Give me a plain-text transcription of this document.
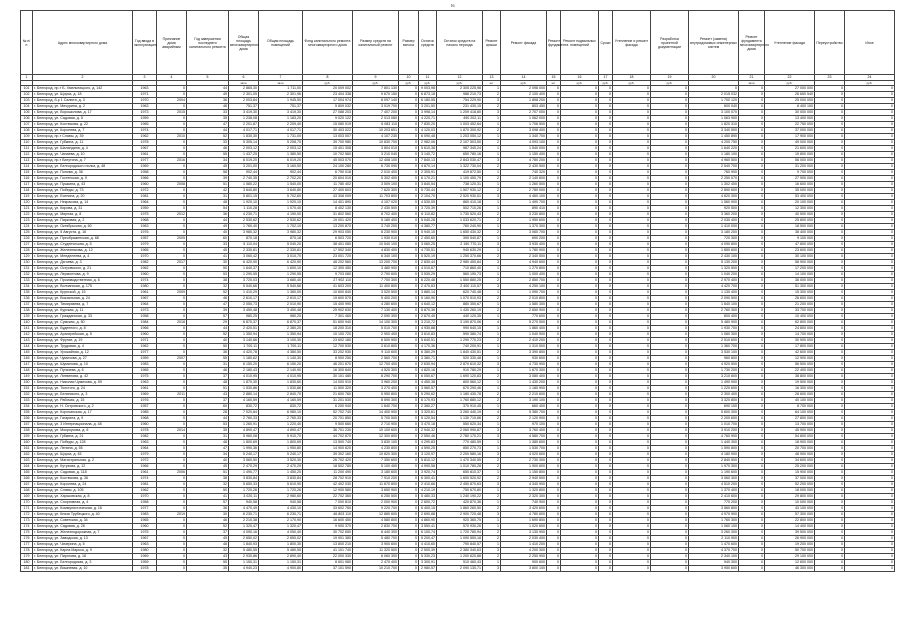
16
№ п/п	Адрес многоквартирного дома	Год ввода в эксплуатацию	Признание дома аварийным	Год завершения последнего капитального ремонта	Общая площадь многоквартирного дома	Общая площадь помещений	Фонд капитального ремонта многоквартирного дома	Размер средств на капитальный ремонт	Размер взноса	Остаток средств	Остаток средств на начало периода	Ремонт крыши	Ремонт фасада	Ремонт фундамента	Ремонт подвальных помещений	Сроки	Утепление и ремонт фасада	Разработка проектной документации	Ремонт (замена) внутридомовых инженерных систем	Ремонт фундамента многоквартирного дома	Утепление фасада	Переустройство	Иное
1	2	3	4	5	6	7	8	9	10	11	12	13	14	15	16	17	18	19	20	21	22	23	24
					кв.м	кв.м	руб.	руб.	руб.	руб.	руб.	шт	руб.	шт	руб.	руб.	руб.	руб.		кв.м	руб.		руб.
101	г. Белгород, пр-т Б. Хмельницкого, д. 142	1963	0	44	2 865,30	1 711,00	20 009 002	7 801 130	0	9 003,98	2 305 225,98	1	2 098 000	0	0	0	0	0	0	0	27 000 000	0	0
102	г. Белгород, ул. Щорса, д. 18	1971	0	49	2 301,05	2 301,96	23 404 338	9 670 150	0	6 873,18	988 210,73	2	2 100 400	0	0	0	0	0	2 015 032	0	26 650 540	0	0
103	г. Белгород, б-р 1 Салюта, д. 3	1970	2004	36	2 003,84	1 945,50	17 004 974	8 097 140	0	6 180,55	754 229,90	3	1 898 200	0	0	0	0	0	1 700 120	0	25 000 000	0	0
104	г. Белгород, ул. Мичурина, д. 2	1963	0	46	751,37	751,37	5 809 032	3 019 700	0	3 201,50	231 430,15	2	803 450	0	0	0	0	0	600 040	0	8 400 100	0	0
105	г. Белгород, ул. Ворошилова, д. 17	1973	2015	33	3 419,30	3 419,30	27 088 203	7 407 200	0	3 998,14	1 209 418,80	3	2 707 000	0	0	0	0	0	3 100 070	0	30 000 000	0	0
106	г. Белгород, ул. Садовая, д. 5	1959	0	35	1 238,08	1 183,20	9 020 122	2 013 080	0	4 220,71	490 202,11	1	1 062 000	0	0	0	0	0	1 063 900	0	13 400 000	0	0
107	г. Белгород, ул. Костюкова, д. 22	1965	0	47	2 201,87	2 209,40	15 080 019	6 083 110	0	7 830,20	1 003 452,64	1	1 706 500	0	0	0	0	0	1 820 310	0	22 750 000	0	0
108	г. Белгород, ул. Королева, д. 7	1974	0	44	4 017,71	4 017,71	30 403 022	10 203 601	0	4 120,03	1 870 300,92	2	3 098 400	0	0	0	0	0	3 340 500	0	37 000 000	0	0
109	г. Белгород, пр-т Славы, д. 39	1962	2010	52	1 830,30	1 731,00	13 003 007	4 107 230	0	6 090,48	1 203 050,12	1	1 340 700	0	0	0	0	0	1 450 890	0	17 900 000	0	0
110	г. Белгород, ул. Губкина, д. 11	1978	0	33	5 305,14	5 208,70	39 700 980	10 830 700	0	2 982,06	2 107 503,50	2	4 093 100	0	0	0	0	0	4 200 750	0	49 000 000	0	0
111	г. Белгород, ул. Шаландина, д. 4	1967	0	46	2 003,12	2 003,12	15 401 308	3 804 010	0	5 610,38	987 340,24	1	1 540 000	0	0	0	0	0	1 640 220	0	21 600 000	0	0
112	г. Белгород, ул. Чапаева, д. 10	1961	0	55	1 437,25	1 380,50	10 702 560	3 210 040	0	3 140,72	650 780,16	1	1 150 400	0	0	0	0	0	1 180 100	0	15 800 000	0	0
113	г. Белгород, пр-т Ватутина, д. 7	1977	2016	34	6 019,20	6 019,20	45 003 070	12 408 100	0	7 840,13	2 843 030,47	3	4 780 200	0	0	0	0	0	4 960 500	0	56 000 000	0	0
114	г. Белгород, ул. Белгородского полка, д. 48	1969	0	45	3 201,00	3 160,50	24 100 280	6 730 090	0	4 870,14	1 322 730,04	2	2 430 500	0	0	0	0	0	2 540 700	0	31 200 000	0	0
115	г. Белгород, ул. Попова, д. 36	1958	0	58	902,44	902,44	6 790 018	2 010 400	0	2 305,91	419 872,50	1	740 320	0	0	0	0	0	760 900	0	9 700 000	0	0
116	г. Белгород, ул. Гостенская, д. 9	1966	0	39	2 740,35	2 702,20	20 604 010	5 302 400	0	6 170,21	1 100 450,79	2	2 140 600	0	0	0	0	0	2 250 070	0	27 900 000	0	0
117	г. Белгород, ул. Пушкина, д. 43	1960	2008	51	1 580,22	1 540,00	11 780 402	3 509 100	0	3 840,54	738 120,31	1	1 260 500	0	0	0	0	0	1 302 400	0	16 600 000	0	0
118	г. Белгород, ул. Победы, д. 73	1972	0	42	3 640,80	3 640,80	27 400 603	7 620 300	0	5 730,44	1 507 930,12	2	2 780 000	0	0	0	0	0	2 890 600	0	35 000 000	0	0
119	г. Белгород, ул. Есенина, д. 20	1981	0	31	5 801,15	5 702,60	43 308 009	11 703 800	0	2 104,70	2 520 930,51	3	4 460 100	0	0	0	0	0	4 620 300	0	53 400 000	0	0
120	г. Белгород, ул. Некрасова, д. 14	1964	0	48	1 920,10	1 920,10	14 401 890	4 107 020	0	4 530,05	860 410,18	1	1 490 700	0	0	0	0	0	1 560 900	0	20 100 000	0	0
121	г. Белгород, ул. Кирова, д. 31	1959	0	54	1 110,28	1 070,40	8 402 130	2 430 500	0	3 720,39	502 710,26	1	890 410	0	0	0	0	0	920 500	0	12 300 000	0	0
122	г. Белгород, ул. Мирная, д. 8	1975	2012	36	4 230,71	4 190,00	31 802 560	8 702 400	0	6 110,82	1 730 520,43	2	3 230 800	0	0	0	0	0	3 360 200	0	40 500 000	0	0
123	г. Белгород, ул. Парковая, д. 2	1968	0	44	2 530,62	2 530,62	19 001 420	5 180 400	0	5 040,28	1 033 620,71	2	1 950 600	0	0	0	0	0	2 030 400	0	25 800 000	0	0
124	г. Белгород, ул. Октябрьская, д. 60	1963	0	49	1 760,40	1 702,10	13 200 870	3 740 200	0	4 380,77	760 240,90	1	1 370 300	0	0	0	0	0	1 410 000	0	18 500 000	0	0
125	г. Белгород, ул. 5 Августа, д. 16	1976	0	40	3 980,32	3 980,32	29 903 050	8 230 900	0	5 940,10	1 650 430,32	2	3 060 700	0	0	0	0	0	3 180 200	0	38 400 000	0	0
126	г. Белгород, ул. Преображенская, д. 88	1957	2005	60	870,18	870,18	6 503 720	1 930 010	0	2 450,60	390 540,87	1	690 200	0	0	0	0	0	720 300	0	9 100 000	0	0
127	г. Белгород, ул. Студенческая, д. 5	1979	0	33	5 110,04	5 040,20	38 401 080	10 540 100	0	3 060,25	2 150 770,11	3	3 930 400	0	0	0	0	0	4 090 800	0	47 800 000	0	0
128	г. Белгород, ул. Железнякова, д. 12	1965	0	45	2 330,81	2 330,81	17 502 340	4 830 400	0	4 730,51	940 630,29	1	1 780 900	0	0	0	0	0	1 850 600	0	23 600 000	0	0
129	г. Белгород, ул. Менделеева, д. 4	1970	0	41	3 060,42	3 010,70	23 001 720	6 340 100	0	5 520,19	1 250 370,66	2	2 340 500	0	0	0	0	0	2 430 100	0	30 100 000	0	0
130	г. Белгород, ул. Дзгоева, д. 3	1982	2017	30	6 420,90	6 420,90	48 202 560	13 200 700	0	2 830,44	2 980 450,84	3	4 940 600	0	0	0	0	0	5 130 200	0	58 900 000	0	0
131	г. Белгород, ул. Островского, д. 21	1962	0	50	1 640,37	1 600,10	12 300 450	3 480 900	0	4 010,67	710 860,40	1	1 270 800	0	0	0	0	0	1 320 500	0	17 200 000	0	0
132	г. Белгород, ул. Лермонтова, д. 9	1960	0	53	1 290,55	1 290,55	9 703 080	2 790 600	0	3 530,29	560 190,73	1	1 000 400	0	0	0	0	0	1 040 200	0	14 100 000	0	0
133	г. Белгород, ул. Производственная, д. 6	1974	0	38	3 720,03	3 680,40	27 902 110	7 700 300	0	6 220,48	1 550 880,25	2	2 850 700	0	0	0	0	0	2 970 400	0	36 000 000	0	0
134	г. Белгород, ул. Волчанская, д. 175	1980	0	32	5 540,66	5 540,66	41 603 200	11 400 800	0	2 470,83	2 400 110,57	3	4 250 100	0	0	0	0	0	4 420 700	0	51 300 000	0	0
135	г. Белгород, ул. Крупской, д. 15	1961	2009	52	1 410,29	1 360,00	10 600 840	3 020 500	0	3 880,14	620 740,48	1	1 090 700	0	0	0	0	0	1 130 400	0	15 300 000	0	0
136	г. Белгород, ул. Вокзальная, д. 24	1967	0	46	2 610,17	2 610,17	19 600 570	5 400 200	0	5 160,90	1 070 510,93	2	2 010 800	0	0	0	0	0	2 090 500	0	26 600 000	0	0
137	г. Белгород, ул. Тимирязева, д. 7	1964	0	47	2 050,73	2 010,90	15 400 990	4 280 600	0	4 640,12	880 350,67	1	1 580 300	0	0	0	0	0	1 640 100	0	21 200 000	0	0
138	г. Белгород, ул. Курская, д. 11	1973	0	39	3 450,48	3 450,48	25 902 630	7 130 400	0	5 870,36	1 430 260,19	2	2 650 900	0	0	0	0	0	2 760 300	0	33 700 000	0	0
139	г. Белгород, ул. Гражданская, д. 33	1958	0	57	980,25	980,25	7 301 460	2 090 300	0	2 670,45	440 120,35	1	770 600	0	0	0	0	0	800 400	0	10 400 000	0	0
140	г. Белгород, ул. Сумская, д. 50	1984	2018	29	6 870,37	6 870,37	51 600 940	14 100 300	0	3 210,72	3 190 870,06	4	5 270 500	0	0	0	0	0	5 480 900	0	62 800 000	0	0
141	г. Белгород, ул. Буденного, д. 8	1966	0	44	2 420,51	2 380,20	18 200 310	5 010 700	0	4 930,88	990 640,15	1	1 860 400	0	0	0	0	0	1 930 700	0	24 800 000	0	0
142	г. Белгород, ул. Архиерейская, д. 5	1960	0	52	1 350,94	1 350,94	10 100 720	2 900 400	0	3 610,83	590 380,74	1	1 040 900	0	0	0	0	0	1 080 300	0	14 700 000	0	0
143	г. Белгород, ул. Фрунзе, д. 19	1971	0	40	3 140,66	3 100,30	23 602 180	6 500 900	0	5 640,51	1 290 770,23	2	2 410 200	0	0	0	0	0	2 510 600	0	30 900 000	0	0
144	г. Белгород, ул. Трудовая, д. 4	1962	0	50	1 700,11	1 700,11	12 700 530	3 610 800	0	4 170,36	740 200,91	1	1 310 500	0	0	0	0	0	1 360 700	0	17 800 000	0	0
145	г. Белгород, ул. Урожайная, д. 12	1977	0	36	4 420,78	4 380,50	33 202 930	9 110 600	0	6 380,29	1 840 430,51	2	3 390 800	0	0	0	0	0	3 530 100	0	42 600 000	0	0
146	г. Белгород, ул. Чумичова, д. 27	1959	2007	55	1 180,62	1 140,30	8 900 250	2 560 700	0	3 380,71	520 330,48	1	930 600	0	0	0	0	0	960 800	0	12 900 000	0	0
147	г. Белгород, ул. Шумилова, д. 10	1983	0	31	6 150,20	6 150,20	46 201 670	12 700 400	0	2 630,94	2 870 610,32	3	4 730 900	0	0	0	0	0	4 920 500	0	56 500 000	0	0
148	г. Белгород, ул. Пугачева, д. 6	1965	0	46	2 180,43	2 140,90	16 300 840	4 520 300	0	4 820,16	910 780,29	1	1 670 300	0	0	0	0	0	1 730 200	0	22 400 000	0	0
149	г. Белгород, ул. Литвинова, д. 42	1975	0	37	4 010,95	4 010,95	30 101 480	8 290 700	0	6 050,67	1 690 120,83	2	3 080 400	0	0	0	0	0	3 210 600	0	38 800 000	0	0
150	г. Белгород, ул. Николая Чумичова, д. 59	1963	0	48	1 870,30	1 830,60	14 000 910	3 960 200	0	4 450,38	800 560,12	1	1 430 200	0	0	0	0	0	1 490 900	0	19 500 000	0	0
151	г. Белгород, ул. Толстого, д. 24	1961	0	51	1 530,86	1 530,86	11 500 320	3 270 400	0	3 960,57	670 290,46	1	1 180 900	0	0	0	0	0	1 220 600	0	16 300 000	0	0
152	г. Белгород, ул. Белинского, д. 3	1969	2011	43	2 880,14	2 840,70	21 600 760	5 950 800	0	5 290,62	1 180 430,78	2	2 210 600	0	0	0	0	0	2 300 400	0	28 600 000	0	0
153	г. Белгород, ул. Рабочая, д. 15	1976	0	37	4 160,59	4 160,59	31 201 530	8 590 300	0	6 170,93	1 760 880,12	2	3 190 100	0	0	0	0	0	3 320 800	0	40 100 000	0	0
154	г. Белгород, ул. Н. Островского, д. 2	1957	0	60	830,72	830,72	6 200 940	1 840 700	0	2 380,27	370 910,45	1	660 400	0	0	0	0	0	690 100	0	8 700 000	0	0
155	г. Белгород, ул. Корочанская, д. 17	1985	0	28	7 020,84	6 980,10	52 702 740	14 400 900	0	3 320,61	3 260 440,19	4	5 380 700	0	0	0	0	0	5 600 300	0	64 100 000	0	0
156	г. Белгород, ул. Гагарина, д. 9	1968	0	44	2 760,33	2 760,33	20 701 850	5 700 500	0	5 120,54	1 130 710,66	2	2 120 900	0	0	0	0	0	2 200 600	0	27 800 000	0	0
157	г. Белгород, ул. 3 Интернационала, д. 48	1960	0	53	1 260,91	1 220,40	9 500 660	2 710 900	0	3 470,18	550 620,34	1	970 100	0	0	0	0	0	1 010 700	0	13 700 000	0	0
158	г. Белгород, ул. Мокроусова, д. 6	1978	2014	35	4 890,47	4 890,47	36 701 230	10 100 600	0	2 940,32	2 060 990,87	3	3 760 400	0	0	0	0	0	3 910 200	0	45 900 000	0	0
159	г. Белгород, ул. Губкина, д. 21	1982	0	31	5 960,08	5 910,70	44 702 870	12 300 800	0	2 550,46	2 780 170,21	3	4 580 700	0	0	0	0	0	4 760 900	0	54 800 000	0	0
160	г. Белгород, ул. Победы, д. 128	1963	0	48	1 800,69	1 800,69	13 500 740	3 830 100	0	4 290,83	770 480,59	1	1 380 600	0	0	0	0	0	1 440 300	0	18 900 000	0	0
161	г. Белгород, ул. Ленина, д. 55	1964	0	47	1 990,36	1 950,80	14 900 620	4 230 800	0	4 590,25	850 270,73	1	1 530 700	0	0	0	0	0	1 590 800	0	20 700 000	0	0
162	г. Белгород, ул. Щорса, д. 45	1979	0	34	5 240,17	5 240,17	39 302 160	10 820 300	0	3 120,97	2 200 580,16	3	4 020 600	0	0	0	0	0	4 180 900	0	48 900 000	0	0
163	г. Белгород, ул. Магистральная, д. 2	1972	0	40	3 560,50	3 520,30	26 702 420	7 350 600	0	5 810,12	1 470 340,55	2	2 730 300	0	0	0	0	0	2 840 500	0	34 600 000	0	0
164	г. Белгород, ул. Кутузова, д. 12	1966	0	45	2 470,29	2 470,29	18 502 780	5 100 400	0	4 990,58	1 010 780,28	2	1 900 600	0	0	0	0	0	1 970 300	0	25 200 000	0	0
165	г. Белгород, ул. Садовая, д. 118	1961	2006	51	1 490,77	1 450,20	11 200 490	3 180 600	0	3 920,74	650 810,37	1	1 150 800	0	0	0	0	0	1 190 600	0	15 900 000	0	0
166	г. Белгород, ул. Костюкова, д. 36	1974	0	38	3 830,84	3 830,84	28 702 910	7 910 200	0	6 300,41	1 600 520,92	2	2 940 500	0	0	0	0	0	3 060 300	0	37 000 000	0	0
167	г. Белгород, ул. Королева, д. 24	1981	0	32	5 650,33	5 610,90	42 402 030	11 670 800	0	2 410,66	2 450 870,63	3	4 340 900	0	0	0	0	0	4 510 200	0	52 200 000	0	0
168	г. Белгород, ул. Славы, д. 105	1962	0	50	1 720,26	1 720,26	12 900 580	3 650 900	0	4 210,19	750 670,80	1	1 320 800	0	0	0	0	0	1 370 400	0	18 000 000	0	0
169	г. Белгород, ул. Харьковская, д. 8	1970	0	41	3 020,11	2 980,60	22 702 360	6 250 500	0	5 480,33	1 240 190,22	2	2 320 300	0	0	0	0	0	2 410 600	0	29 800 000	0	0
170	г. Белгород, ул. Спортивная, д. 4	1958	0	57	940,58	940,58	7 000 810	2 000 900	0	2 600,72	420 870,36	1	740 900	0	0	0	0	0	770 200	0	10 000 000	0	0
171	г. Белгород, ул. Коммунистическая, д. 16	1977	0	36	4 470,49	4 430,10	33 602 760	9 220 700	0	6 400,15	1 860 260,50	2	3 420 600	0	0	0	0	0	3 560 800	0	43 100 000	0	0
172	г. Белгород, ул. Князя Трубецкого, д. 40	1983	2019	30	6 230,71	6 230,71	46 803 110	12 880 600	0	2 690,88	2 900 720,48	3	4 780 600	0	0	0	0	0	4 970 900	0	57 300 000	0	0
173	г. Белгород, ул. Советская, д. 34	1965	0	46	2 210,38	2 170,90	16 600 450	4 580 800	0	4 860,90	920 360,75	1	1 690 800	0	0	0	0	0	1 760 300	0	22 800 000	0	0
174	г. Белгород, ул. Садовая, д. 26	1960	0	52	1 320,47	1 320,47	9 900 370	2 830 700	0	3 550,41	570 930,26	1	1 020 600	0	0	0	0	0	1 060 100	0	14 400 000	0	0
175	г. Белгород, ул. Железнодорожная, д. 7	1975	0	37	4 090,16	4 050,40	30 702 650	8 440 300	0	6 100,74	1 720 780,94	2	3 130 900	0	0	0	0	0	3 260 300	0	39 500 000	0	0
176	г. Белгород, ул. Заводская, д. 13	1967	0	45	2 650,02	2 650,02	19 901 380	5 480 700	0	5 200,47	1 090 550,18	2	2 030 400	0	0	0	0	0	2 110 900	0	26 900 000	0	0
177	г. Белгород, ул. Чичерина, д. 5	1963	0	48	1 840,93	1 800,30	13 800 210	3 900 600	0	4 410,60	790 840,57	1	1 410 200	0	0	0	0	0	1 470 600	0	19 200 000	0	0
178	г. Белгород, ул. Карла Маркса, д. 9	1980	0	32	5 480,55	5 480,55	41 101 740	11 320 500	0	2 500,39	2 380 340,63	3	4 200 300	0	0	0	0	0	4 370 700	0	50 700 000	0	0
179	г. Белгород, ул. Пирогова, д. 18	1969	0	43	2 930,86	2 890,40	22 000 330	6 060 300	0	5 330,23	1 200 620,88	2	2 250 900	0	0	0	0	0	2 340 100	0	29 100 000	0	0
180	г. Белгород, ул. Белгородская, д. 3	1959	0	55	1 150,31	1 150,31	8 601 980	2 470 400	0	3 300,91	510 460,43	1	900 600	0	0	0	0	0	940 300	0	12 600 000	0	0
181	г. Белгород, ул. Вишневая, д. 10	1978	0	35	4 940,23	4 900,80	37 101 590	10 210 700	0	2 980,57	2 090 130,71	3	3 800 100	0	0	0	0	0	3 950 600	0	46 300 000	0	0
